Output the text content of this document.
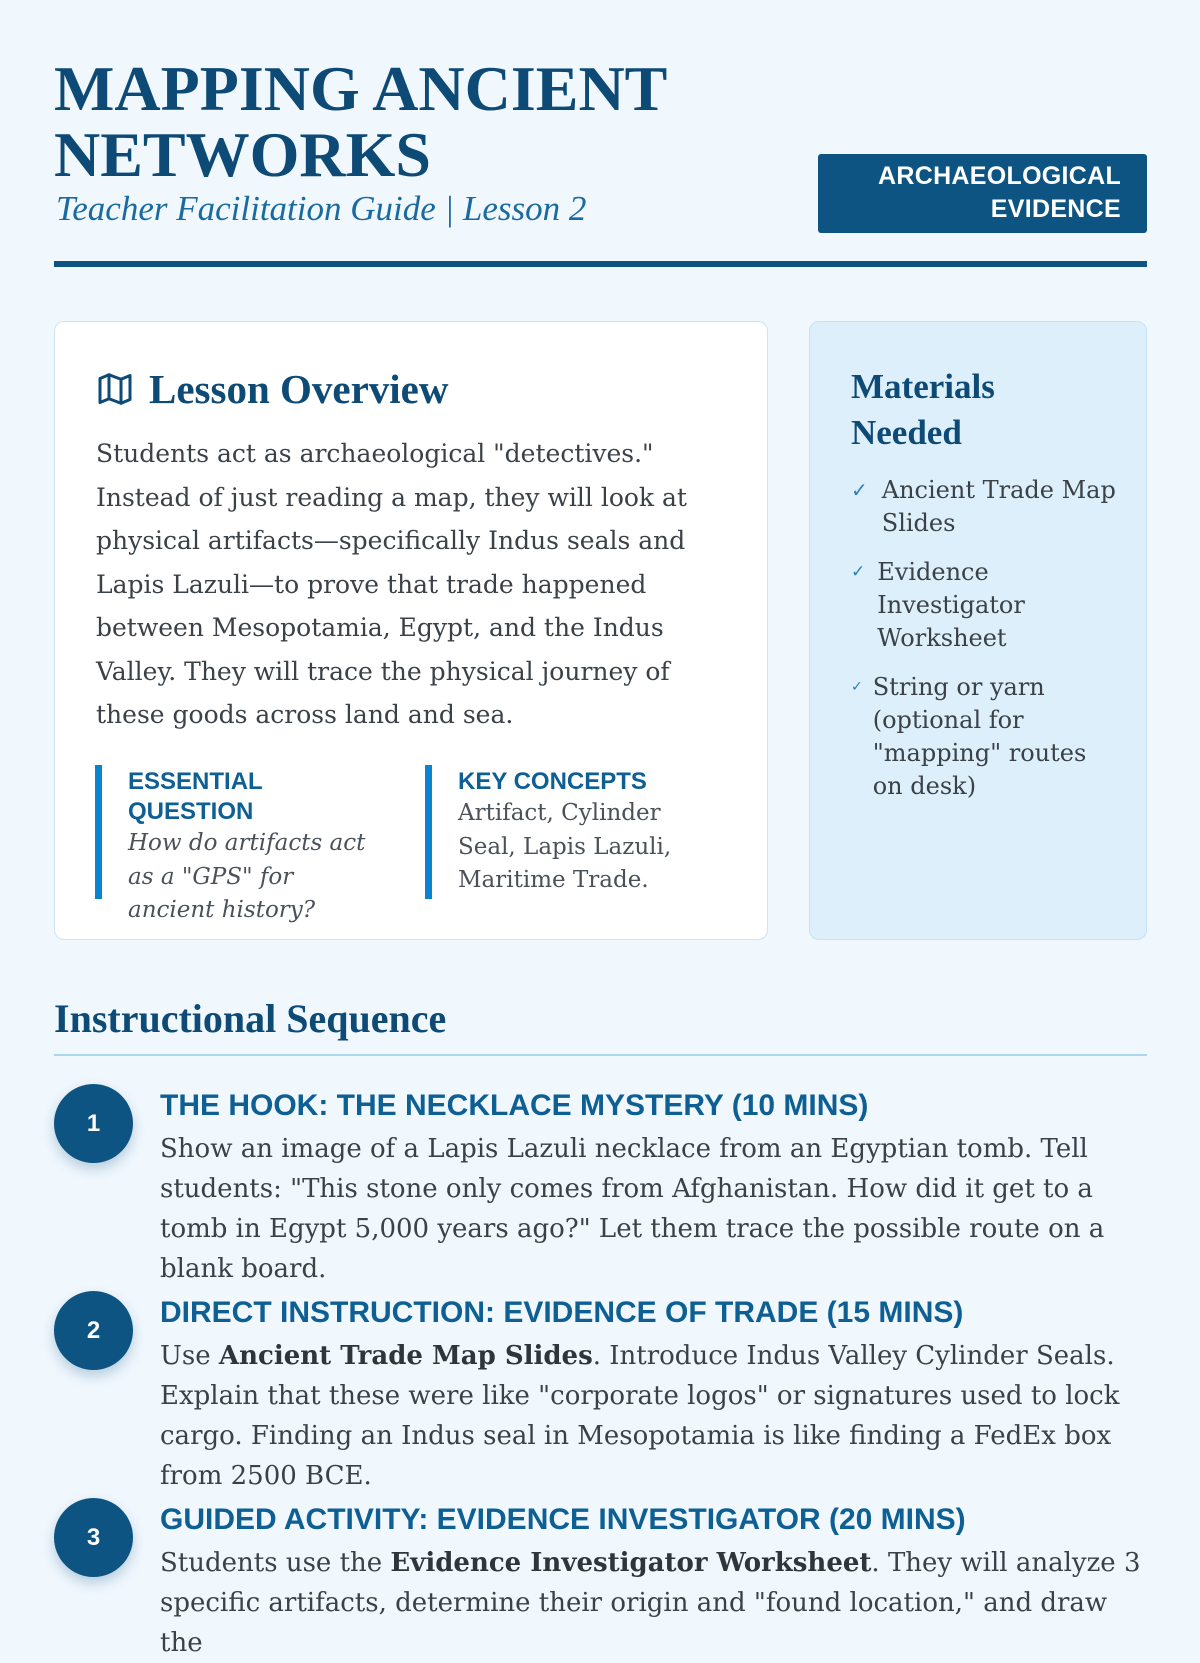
MAPPING ANCIENT NETWORKS
Teacher Facilitation Guide | Lesson 2
ARCHAEOLOGICAL EVIDENCE
Lesson Overview

Students act as archaeological "detectives." Instead of just reading a map, they will look at physical artifacts—specifically Indus seals and Lapis Lazuli—to prove that trade happened between Mesopotamia, Egypt, and the Indus Valley. They will trace the physical journey of these goods across land and sea.

ESSENTIAL QUESTION
How do artifacts act as a "GPS" for ancient history?
KEY CONCEPTS
Artifact, Cylinder Seal, Lapis Lazuli, Maritime Trade.
Materials Needed
✓ Ancient Trade Map Slides
✓ Evidence Investigator Worksheet
✓ String or yarn (optional for "mapping" routes on desk)
Instructional Sequence
1
THE HOOK: THE NECKLACE MYSTERY (10 MINS)

Show an image of a Lapis Lazuli necklace from an Egyptian tomb. Tell students: "This stone only comes from Afghanistan. How did it get to a tomb in Egypt 5,000 years ago?" Let them trace the possible route on a blank board.

2
DIRECT INSTRUCTION: EVIDENCE OF TRADE (15 MINS)

Use Ancient Trade Map Slides. Introduce Indus Valley Cylinder Seals. Explain that these were like "corporate logos" or signatures used to lock cargo. Finding an Indus seal in Mesopotamia is like finding a FedEx box from 2500 BCE.

3
GUIDED ACTIVITY: EVIDENCE INVESTIGATOR (20 MINS)

Students use the Evidence Investigator Worksheet. They will analyze 3 specific artifacts, determine their origin and "found location," and draw the
